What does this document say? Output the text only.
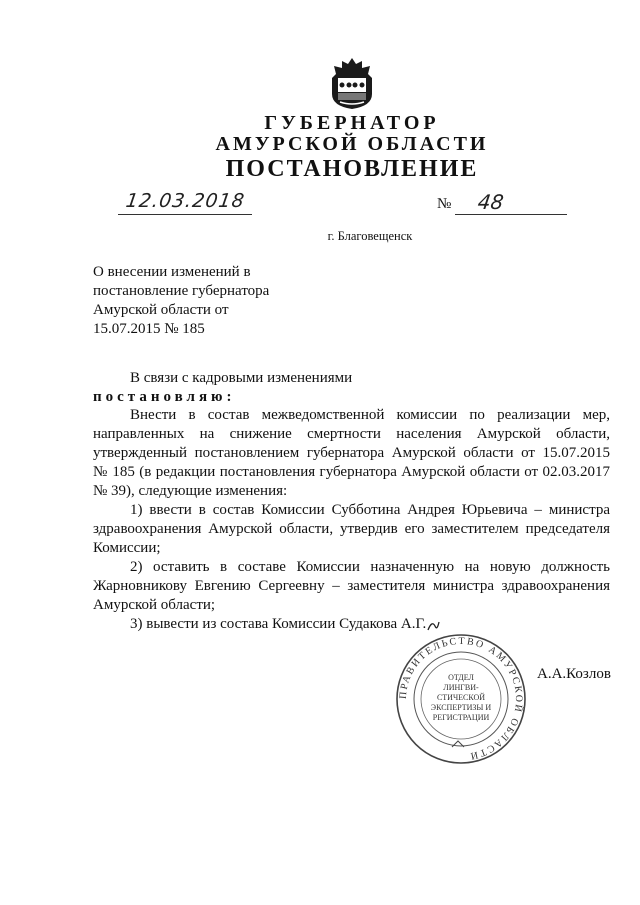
ГУБЕРНАТОР
АМУРСКОЙ ОБЛАСТИ
ПОСТАНОВЛЕНИЕ
12.03.2018	№ 48
г. Благовещенск
О внесении изменений в
постановление губернатора
Амурской области от
15.07.2015 № 185
В связи с кадровыми изменениями
постановляю:
Внести в состав межведомственной комиссии по реализации мер,
направленных на снижение смертности населения Амурской области,
утвержденный постановлением губернатора Амурской области от 15.07.2015
№ 185 (в редакции постановления губернатора Амурской области от 02.03.2017
№ 39), следующие изменения:
1) ввести в состав Комиссии Субботина Андрея Юрьевича – министра
здравоохранения Амурской области, утвердив его заместителем председателя
Комиссии;
2) оставить в составе Комиссии назначенную на новую должность
Жарновникову Евгению Сергеевну – заместителя министра здравоохранения
Амурской области;
3) вывести из состава Комиссии Судакова А.Г.
ПРАВИТЕЛЬСТВО АМУРСКОЙ ОБЛАСТИ
ОТДЕЛ
ЛИНГВИ-
СТИЧЕСКОЙ
ЭКСПЕРТИЗЫ И
РЕГИСТРАЦИИ
А.А.Козлов
